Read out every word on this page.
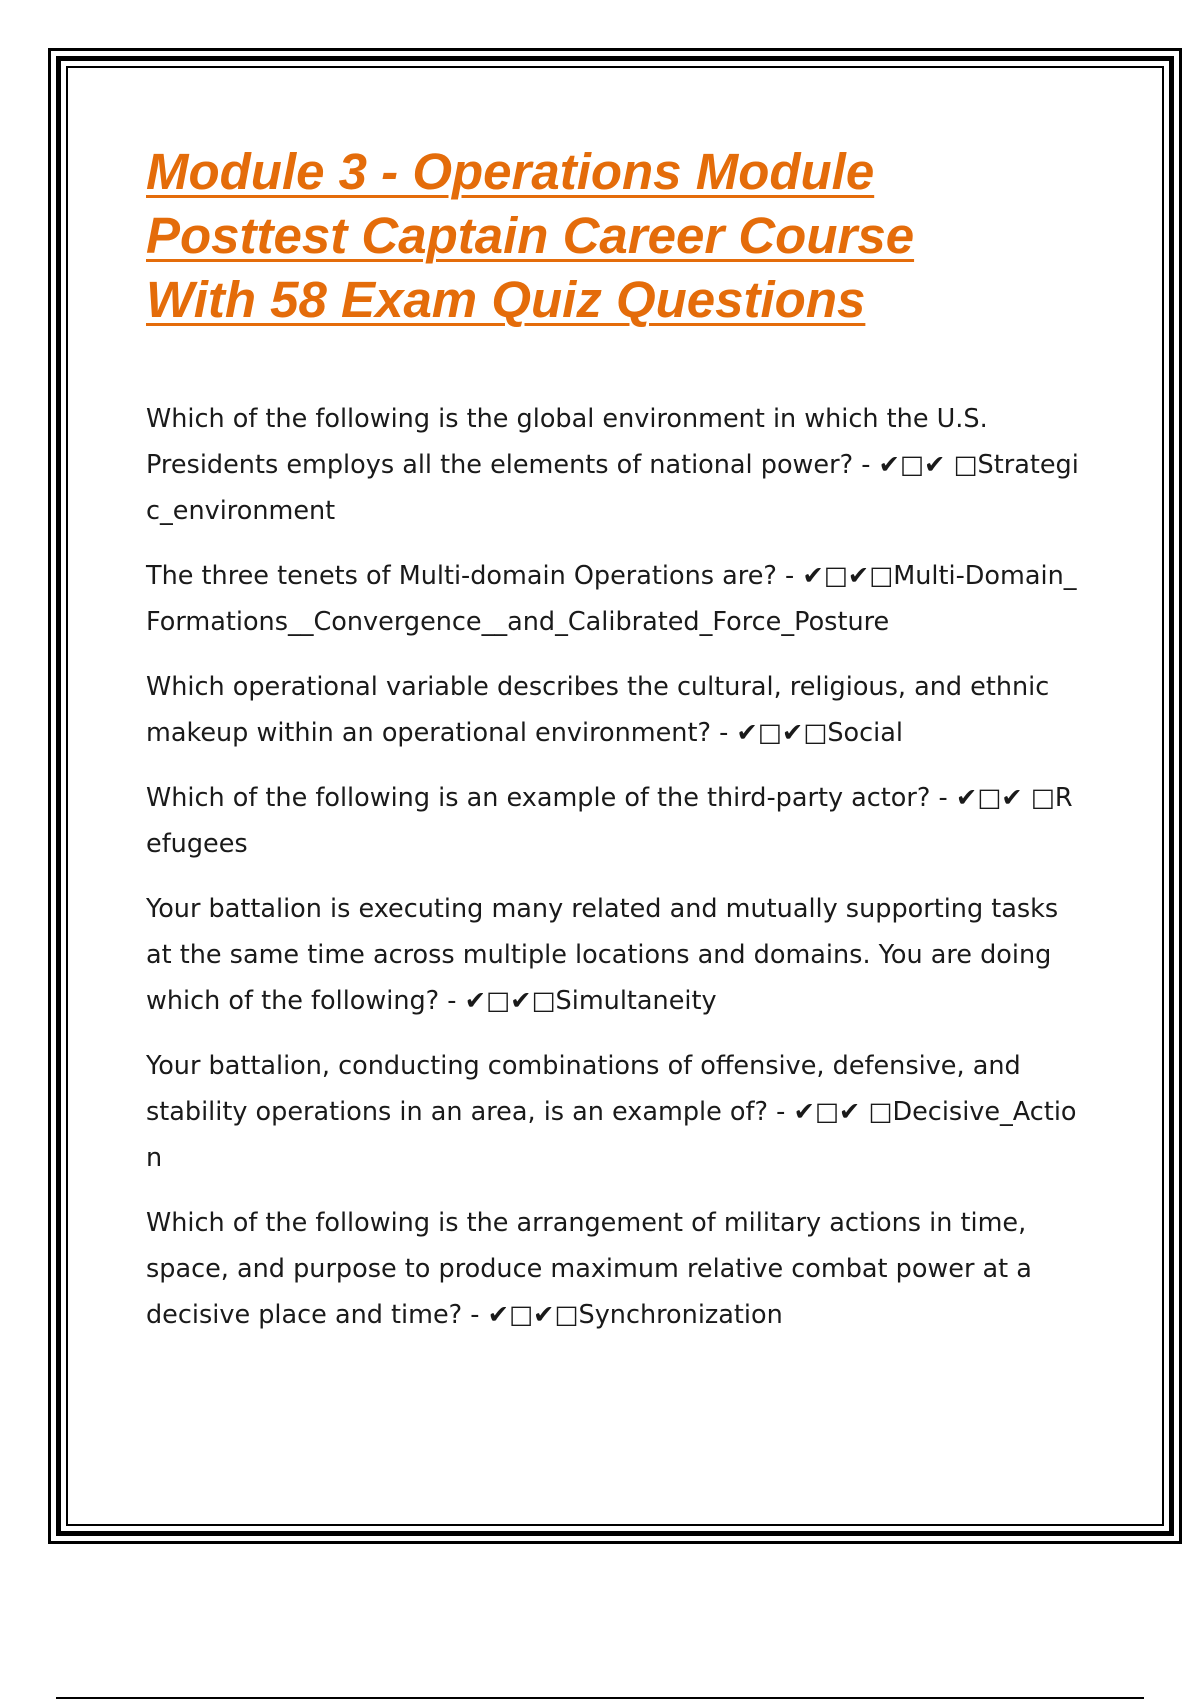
Module 3 - Operations Module
Posttest Captain Career Course
With 58 Exam Quiz Questions
Which of the following is the global environment in which the U.S. Presidents employs all the elements of national power? - ✔□✔ □Strategic_environment
The three tenets of Multi-domain Operations are? - ✔□✔□Multi-Domain_Formations__Convergence__and_Calibrated_Force_Posture
Which operational variable describes the cultural, religious, and ethnic makeup within an operational environment? - ✔□✔□Social
Which of the following is an example of the third-party actor? - ✔□✔ □Refugees
Your battalion is executing many related and mutually supporting tasks at the same time across multiple locations and domains. You are doing which of the following? - ✔□✔□Simultaneity
Your battalion, conducting combinations of offensive, defensive, and stability operations in an area, is an example of? - ✔□✔ □Decisive_Action
Which of the following is the arrangement of military actions in time, space, and purpose to produce maximum relative combat power at a decisive place and time? - ✔□✔□Synchronization
